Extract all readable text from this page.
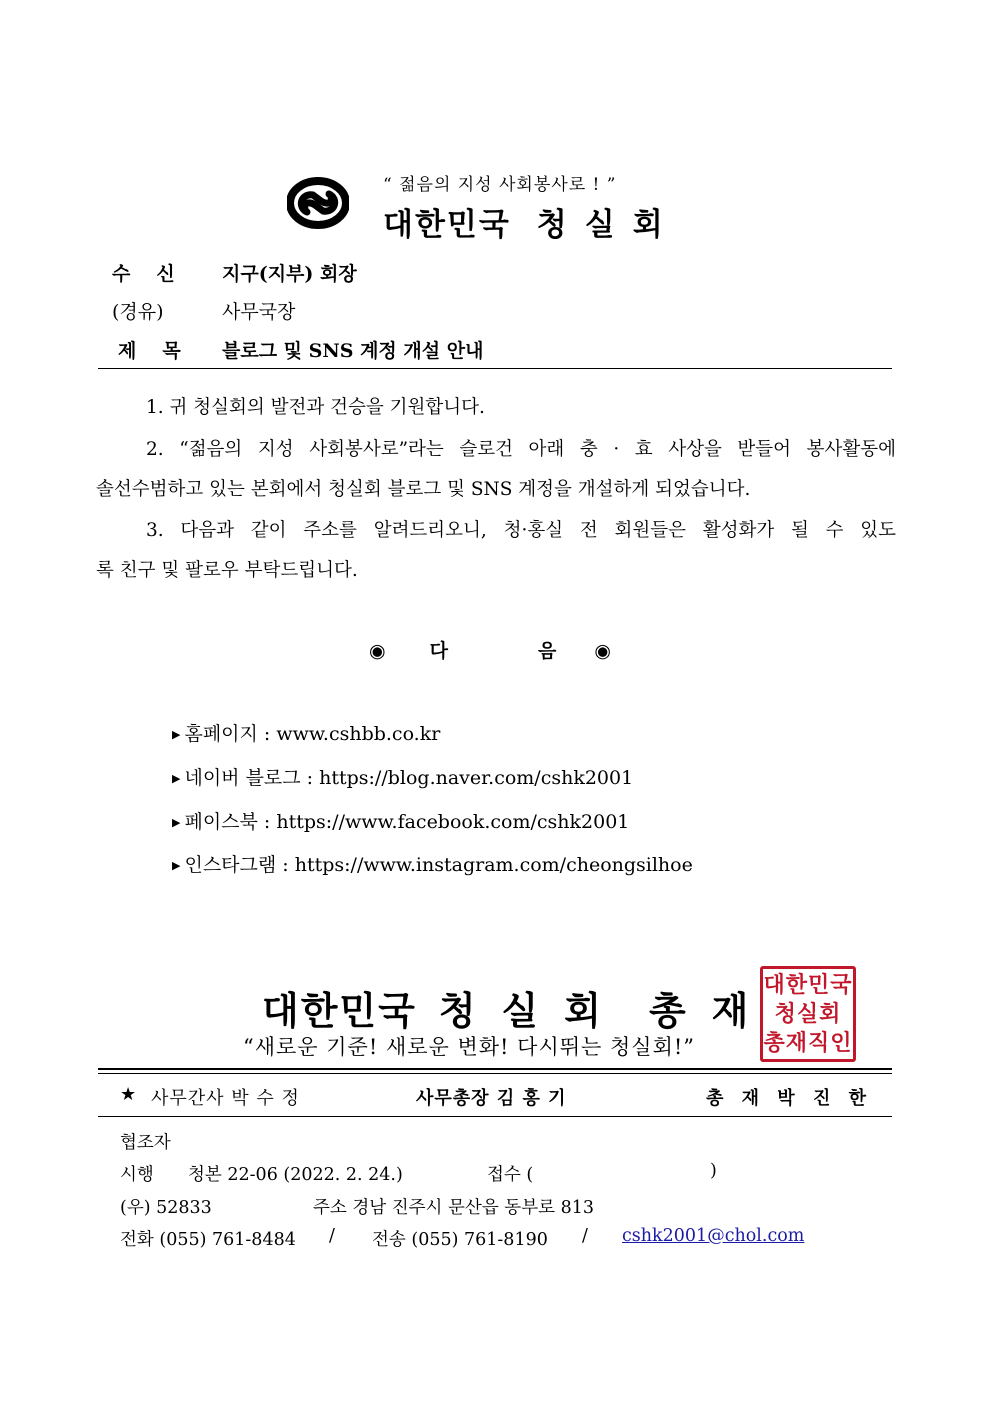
“ 젊음의 지성 사회봉사로 ! ”
대한민국 청실회
수신 지구(지부) 회장
(경유)	사무국장
제목 블로그 및 SNS 계정 개설 안내
1. 귀 청실회의 발전과 건승을 기원합니다.
2. “젊음의 지성 사회봉사로”라는 슬로건 아래 충 · 효 사상을 받들어 봉사활동에
솔선수범하고 있는 본회에서 청실회 블로그 및 SNS 계정을 개설하게 되었습니다.
3. 다음과 같이 주소를 알려드리오니, 청·홍실 전 회원들은 활성화가 될 수 있도
록 친구 및 팔로우 부탁드립니다.
◉ 다	음 ◉
▶ 홈페이지 : www.cshbb.co.kr
▶ 네이버 블로그 : https://blog.naver.com/cshk2001
▶ 페이스북 : https://www.facebook.com/cshk2001
▶ 인스타그램 : https://www.instagram.com/cheongsilhoe
대한민국 청실회 총재
“새로운 기준! 새로운 변화! 다시뛰는 청실회!”
대한민국
청실회
총재직인
★ 사무간사 박 수 정	사무총장 김 홍 기	총 재 박 진 한
협조자
시행 청본 22-06 (2022. 2. 24.)	접수 (	)
(우) 52833	주소 경남 진주시 문산읍 동부로 813
전화 (055) 761-8484 / 전송 (055) 761-8190 / cshk2001@chol.com
